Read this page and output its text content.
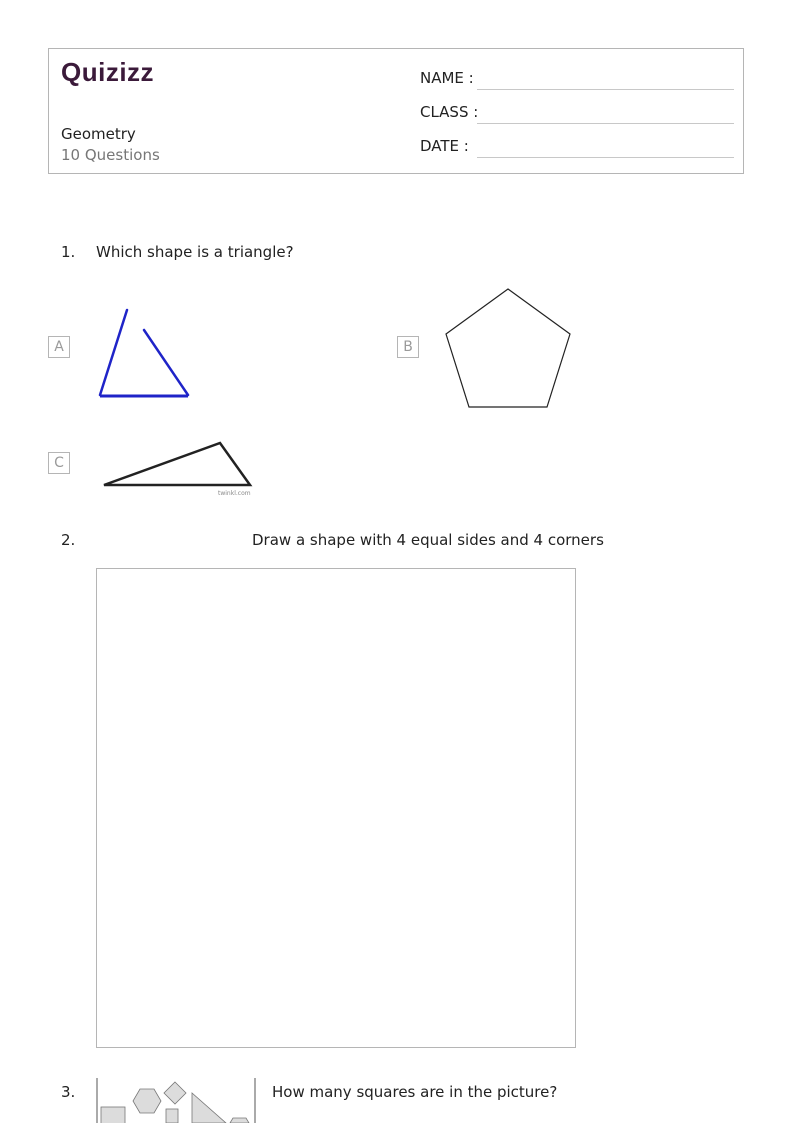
Quizizz
Geometry
10 Questions
NAME :
CLASS :
DATE :
1. Which shape is a triangle?
A	B
C
twinkl.com
2.	Draw a shape with 4 equal sides and 4 corners
3.	How many squares are in the picture?
